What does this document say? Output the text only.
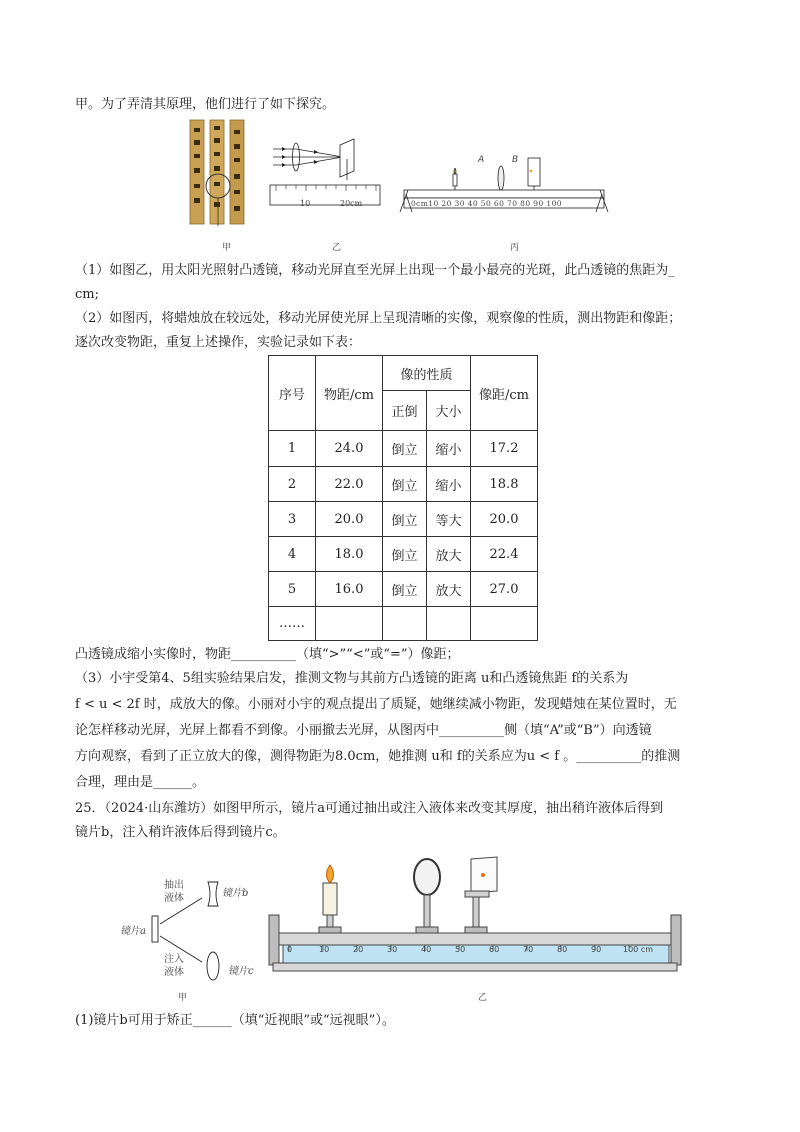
甲。为了弄清其原理，他们进行了如下探究。
甲
10	20cm
乙
A	B
0cm10 20 30 40 50 60 70 80 90 100
丙
（1）如图乙，用太阳光照射凸透镜，移动光屏直至光屏上出现一个最小最亮的光斑，此凸透镜的焦距为_
cm;
（2）如图丙，将蜡烛放在较远处，移动光屏使光屏上呈现清晰的实像，观察像的性质，测出物距和像距；
逐次改变物距，重复上述操作，实验记录如下表：
序号	物距/cm	像的性质		像距/cm
		正倒	大小	
1	24.0	倒立	缩小	17.2
2	22.0	倒立	缩小	18.8
3	20.0	倒立	等大	20.0
4	18.0	倒立	放大	22.4
5	16.0	倒立	放大	27.0
……				
凸透镜成缩小实像时，物距__________（填“>”“<”或“=”）像距；
（3）小宇受第4、5组实验结果启发，推测文物与其前方凸透镜的距离 u和凸透镜焦距 f的关系为
f < u < 2f 时，成放大的像。小丽对小宇的观点提出了质疑，她继续减小物距，发现蜡烛在某位置时，无
论怎样移动光屏，光屏上都看不到像。小丽撤去光屏，从图丙中__________侧（填“A”或“B”）向透镜
方向观察，看到了正立放大的像，测得物距为8.0cm，她推测 u和 f的关系应为u < f 。__________的推测
合理，理由是______。
25．（2024·山东潍坊）如图甲所示，镜片a可通过抽出或注入液体来改变其厚度，抽出稍许液体后得到
镜片b，注入稍许液体后得到镜片c。
抽出
液体	镜片b
镜片a
注入
液体	镜片c
甲
0	10	20	30	40	50	60	70	80	90	100 cm
乙
(1)镜片b可用于矫正______（填“近视眼”或“远视眼”）。
